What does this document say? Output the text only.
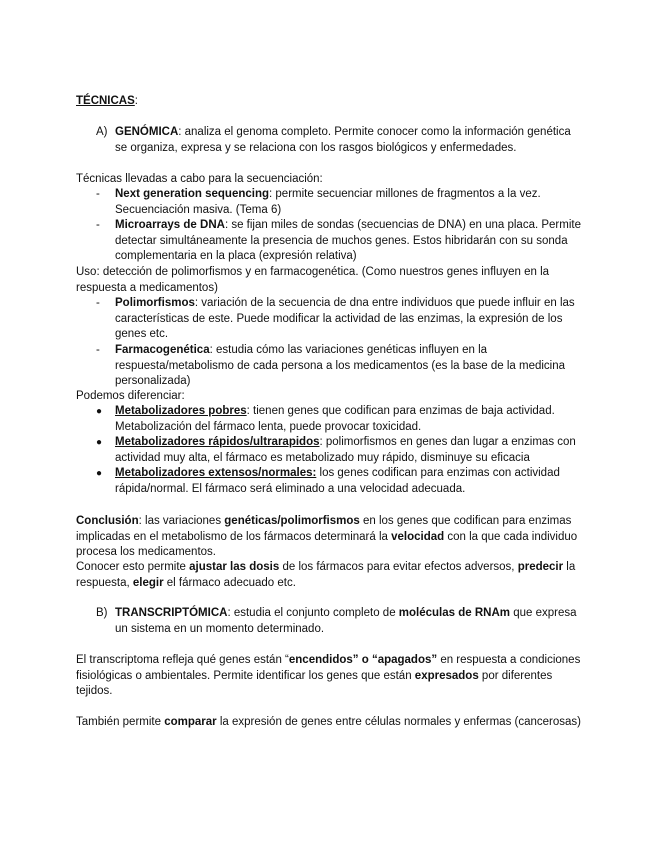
TÉCNICAS:

A) GENÓMICA: analiza el genoma completo. Permite conocer como la información genética se organiza, expresa y se relaciona con los rasgos biológicos y enfermedades.

Técnicas llevadas a cabo para la secuenciación:

- Next generation sequencing: permite secuenciar millones de fragmentos a la vez. Secuenciación masiva. (Tema 6)
- Microarrays de DNA: se fijan miles de sondas (secuencias de DNA) en una placa. Permite detectar simultáneamente la presencia de muchos genes. Estos hibridarán con su sonda complementaria en la placa (expresión relativa)

Uso: detección de polimorfismos y en farmacogenética. (Como nuestros genes influyen en la respuesta a medicamentos)

- Polimorfismos: variación de la secuencia de dna entre individuos que puede influir en las características de este. Puede modificar la actividad de las enzimas, la expresión de los genes etc.
- Farmacogenética: estudia cómo las variaciones genéticas influyen en la respuesta/metabolismo de cada persona a los medicamentos (es la base de la medicina personalizada)

Podemos diferenciar:

● Metabolizadores pobres: tienen genes que codifican para enzimas de baja actividad. Metabolización del fármaco lenta, puede provocar toxicidad.
● Metabolizadores rápidos/ultrarapidos: polimorfismos en genes dan lugar a enzimas con actividad muy alta, el fármaco es metabolizado muy rápido, disminuye su eficacia
● Metabolizadores extensos/normales: los genes codifican para enzimas con actividad rápida/normal. El fármaco será eliminado a una velocidad adecuada.

Conclusión: las variaciones genéticas/polimorfismos en los genes que codifican para enzimas implicadas en el metabolismo de los fármacos determinará la velocidad con la que cada individuo procesa los medicamentos.

Conocer esto permite ajustar las dosis de los fármacos para evitar efectos adversos, predecir la respuesta, elegir el fármaco adecuado etc.

B) TRANSCRIPTÓMICA: estudia el conjunto completo de moléculas de RNAm que expresa un sistema en un momento determinado.

El transcriptoma refleja qué genes están “encendidos” o “apagados” en respuesta a condiciones fisiológicas o ambientales. Permite identificar los genes que están expresados por diferentes tejidos.

También permite comparar la expresión de genes entre células normales y enfermas (cancerosas)
